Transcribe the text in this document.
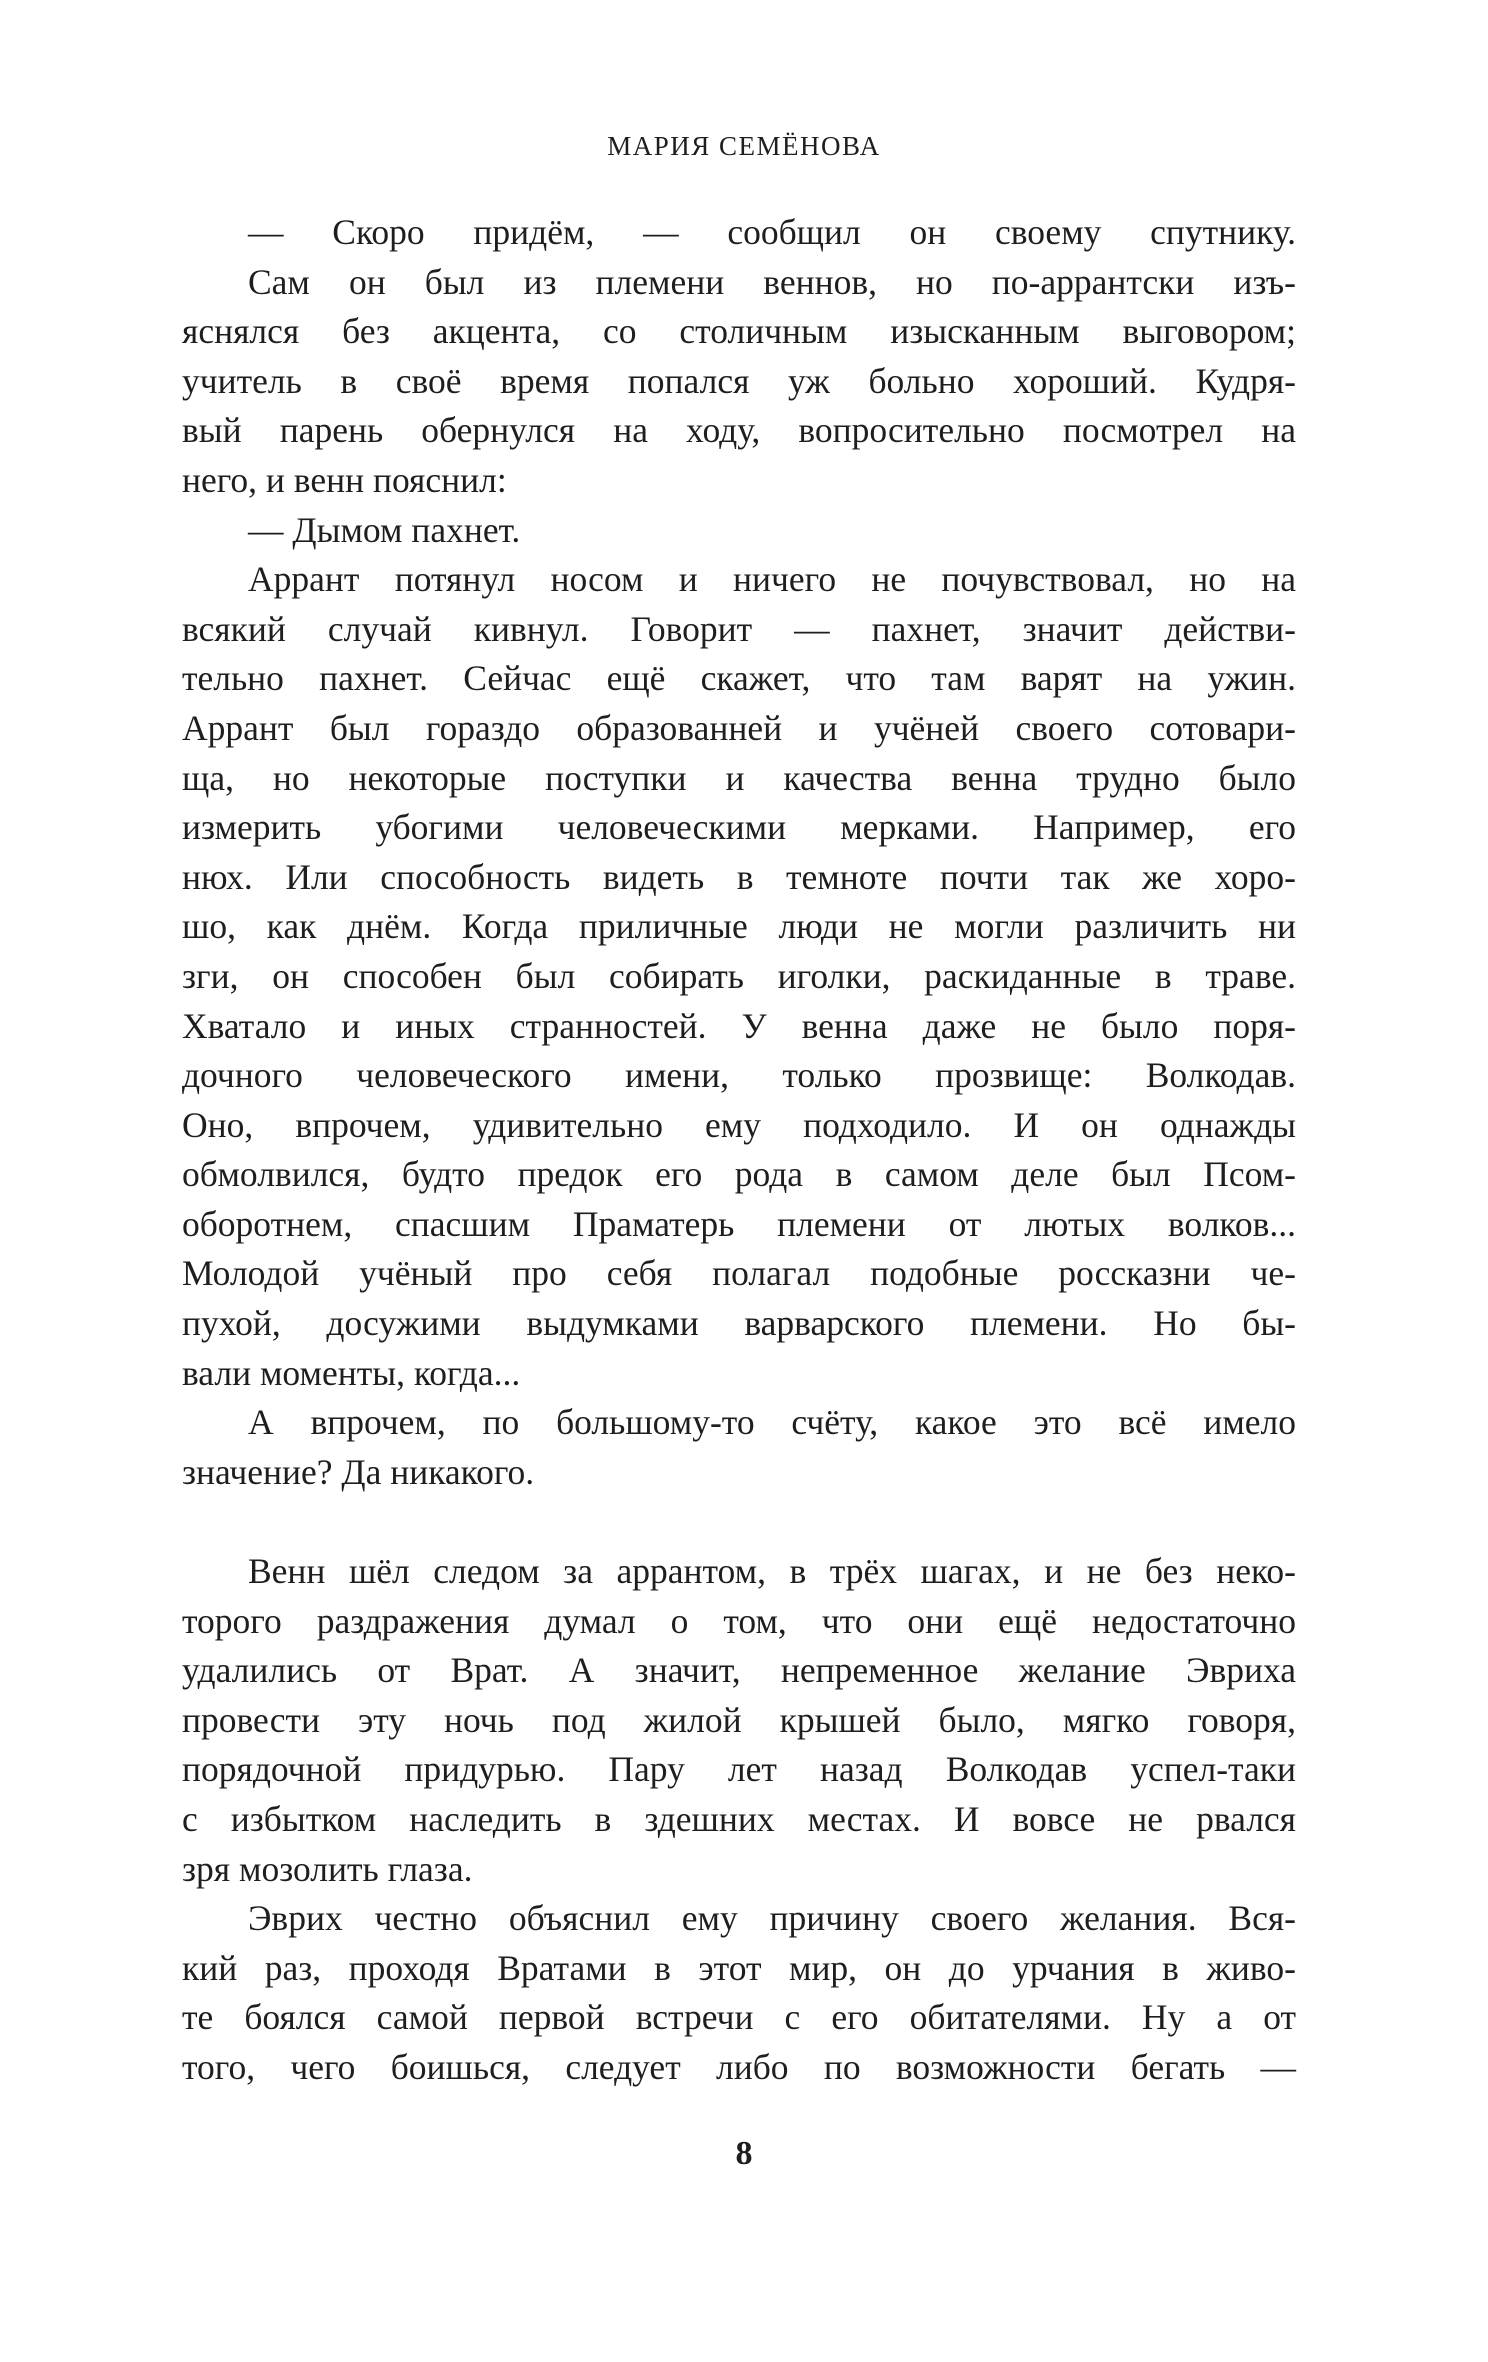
МАРИЯ СЕМЁНОВА
— Скоро придём, — сообщил он своему спутнику.
Сам он был из племени веннов, но по-аррантски изъ-
яснялся без акцента, со столичным изысканным выговором;
учитель в своё время попался уж больно хороший. Кудря-
вый парень обернулся на ходу, вопросительно посмотрел на
него, и венн пояснил:
— Дымом пахнет.
Аррант потянул носом и ничего не почувствовал, но на
всякий случай кивнул. Говорит — пахнет, значит действи-
тельно пахнет. Сейчас ещё скажет, что там варят на ужин.
Аррант был гораздо образованней и учёней своего сотовари-
ща, но некоторые поступки и качества венна трудно было
измерить убогими человеческими мерками. Например, его
нюх. Или способность видеть в темноте почти так же хоро-
шо, как днём. Когда приличные люди не могли различить ни
зги, он способен был собирать иголки, раскиданные в траве.
Хватало и иных странностей. У венна даже не было поря-
дочного человеческого имени, только прозвище: Волкодав.
Оно, впрочем, удивительно ему подходило. И он однажды
обмолвился, будто предок его рода в самом деле был Псом-
оборотнем, спасшим Праматерь племени от лютых волков...
Молодой учёный про себя полагал подобные россказни че-
пухой, досужими выдумками варварского племени. Но бы-
вали моменты, когда...
А впрочем, по большому-то счёту, какое это всё имело
значение? Да никакого.
Венн шёл следом за аррантом, в трёх шагах, и не без неко-
торого раздражения думал о том, что они ещё недостаточно
удалились от Врат. А значит, непременное желание Эвриха
провести эту ночь под жилой крышей было, мягко говоря,
порядочной придурью. Пару лет назад Волкодав успел-таки
с избытком наследить в здешних местах. И вовсе не рвался
зря мозолить глаза.
Эврих честно объяснил ему причину своего желания. Вся-
кий раз, проходя Вратами в этот мир, он до урчания в живо-
те боялся самой первой встречи с его обитателями. Ну а от
того, чего боишься, следует либо по возможности бегать —
8
